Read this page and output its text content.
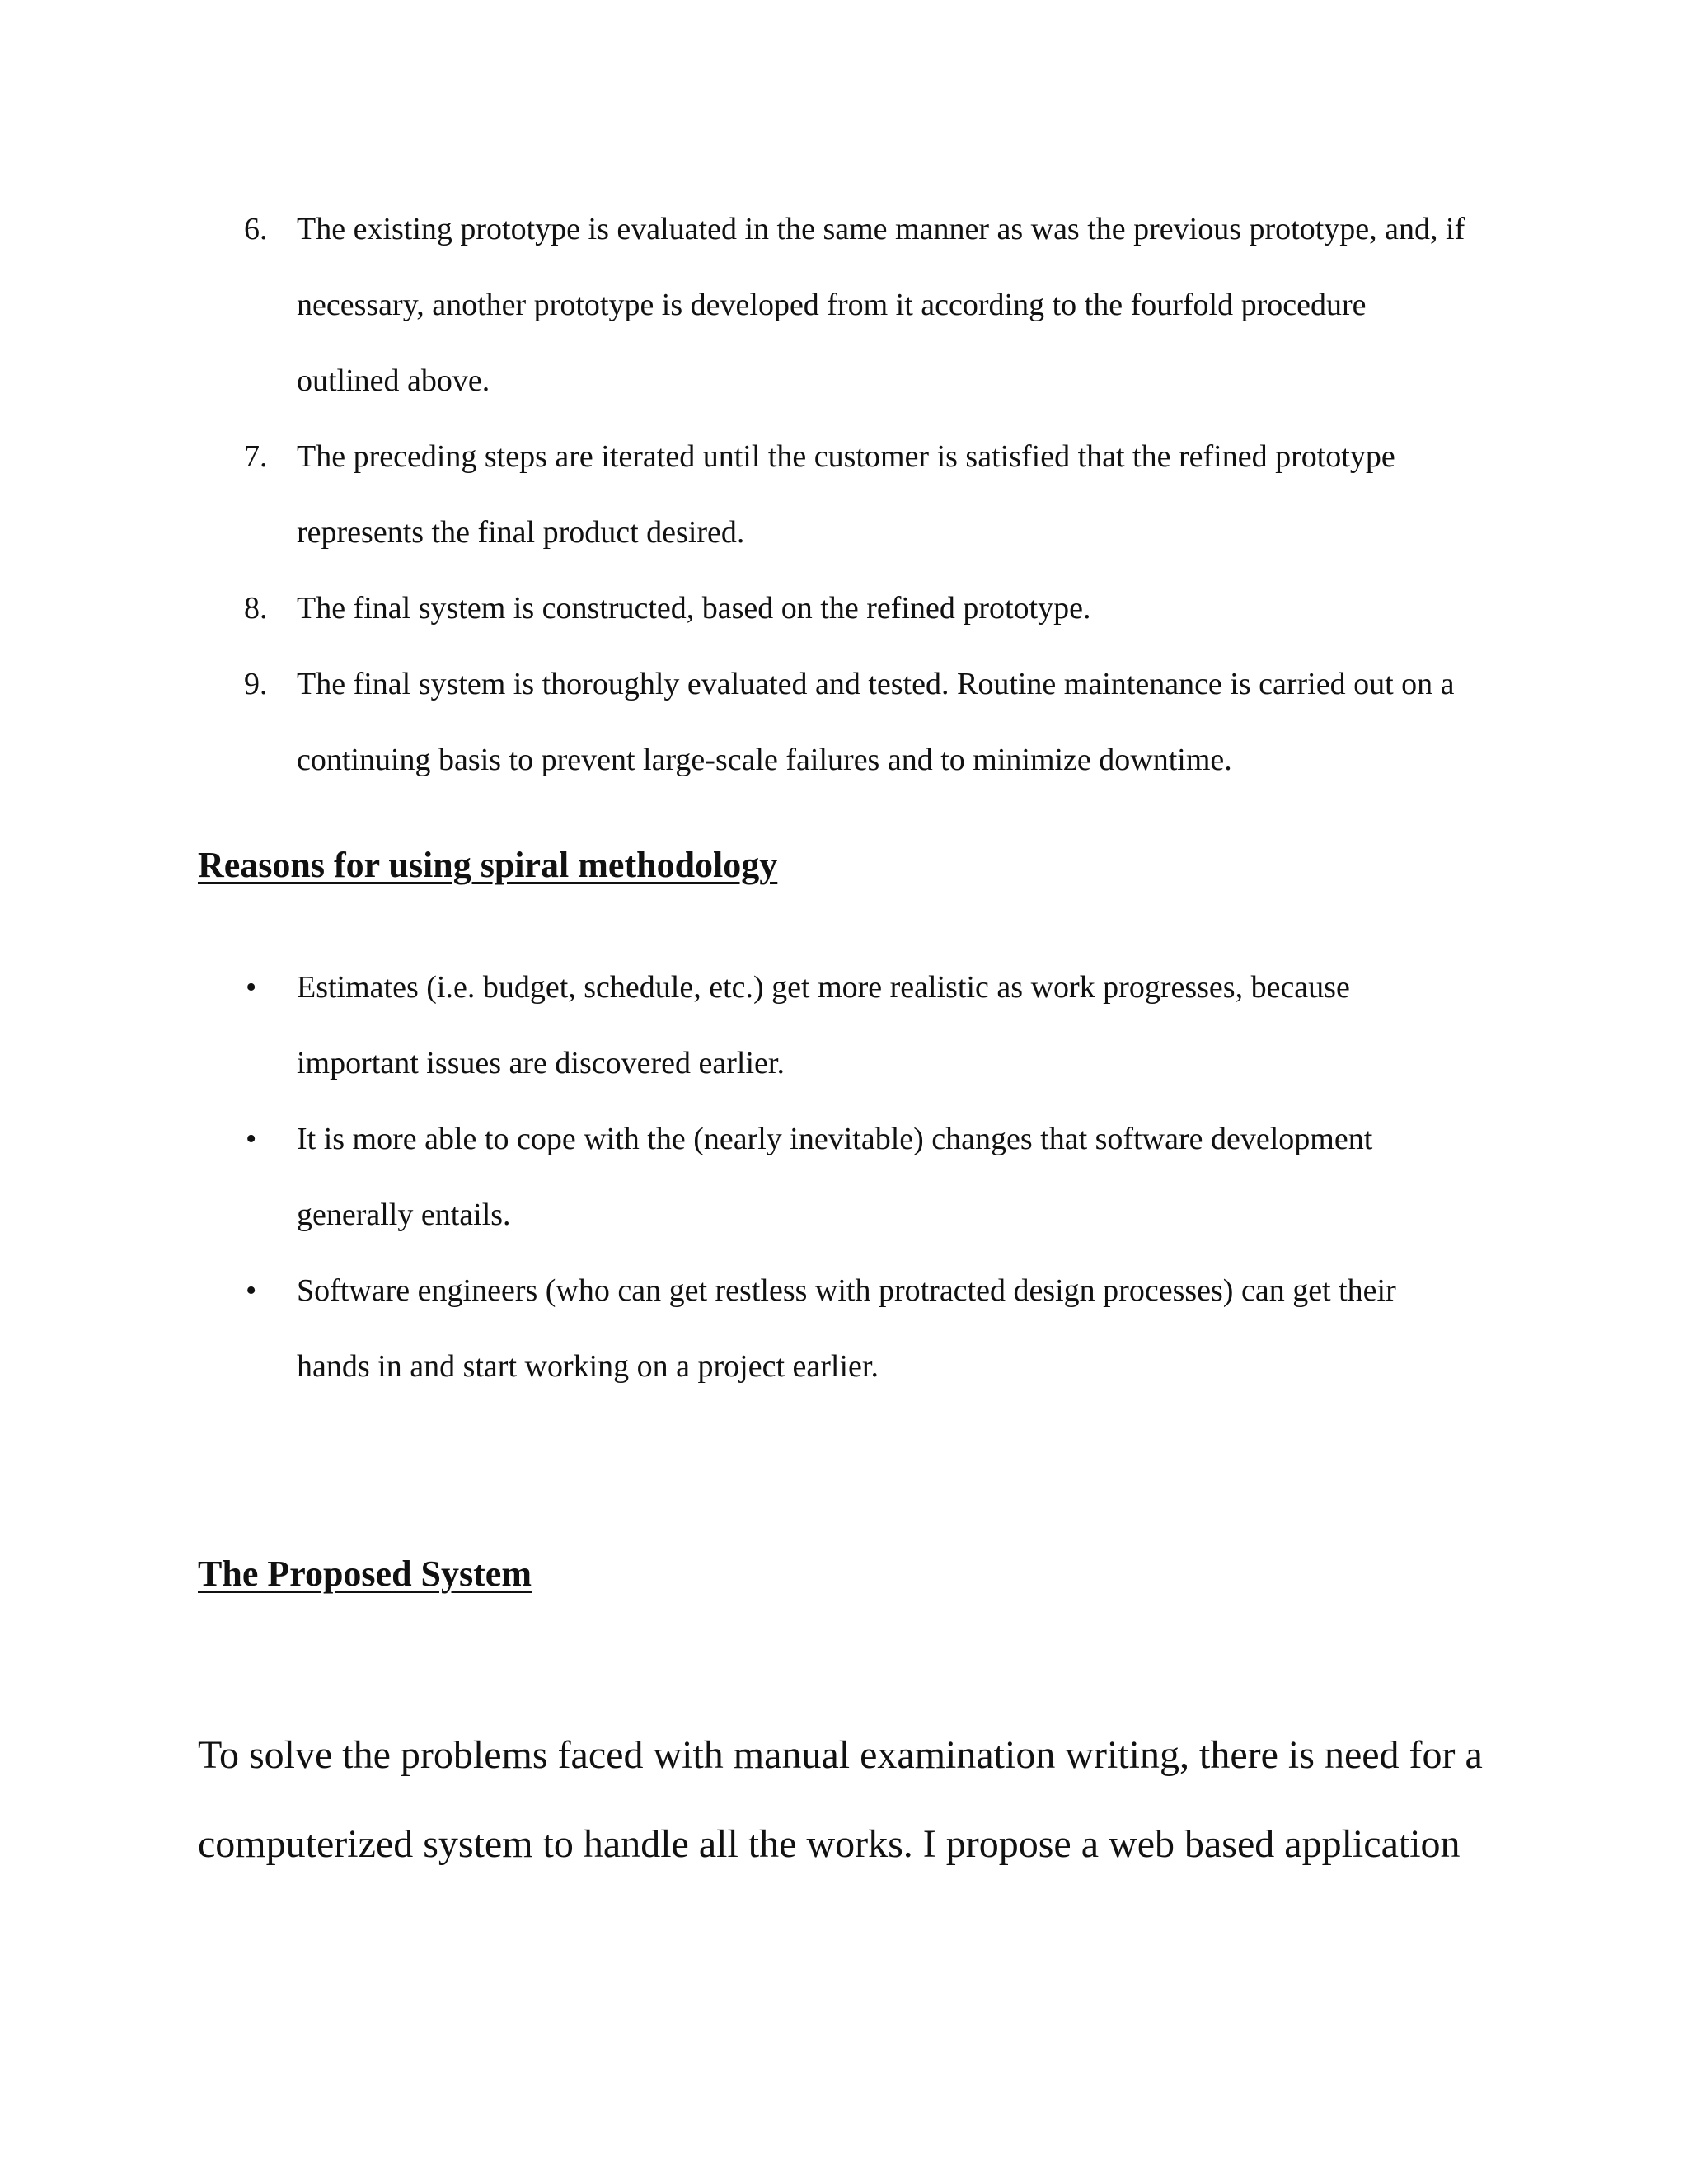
6. The existing prototype is evaluated in the same manner as was the previous prototype, and, if necessary, another prototype is developed from it according to the fourfold procedure outlined above.
7. The preceding steps are iterated until the customer is satisfied that the refined prototype represents the final product desired.
8. The final system is constructed, based on the refined prototype.
9. The final system is thoroughly evaluated and tested. Routine maintenance is carried out on a continuing basis to prevent large-scale failures and to minimize downtime.
Reasons for using spiral methodology
•	Estimates (i.e. budget, schedule, etc.) get more realistic as work progresses, because important issues are discovered earlier.
•	It is more able to cope with the (nearly inevitable) changes that software development generally entails.
•	Software engineers (who can get restless with protracted design processes) can get their hands in and start working on a project earlier.
The Proposed System

To solve the problems faced with manual examination writing, there is need for a computerized system to handle all the works. I propose a web based application
